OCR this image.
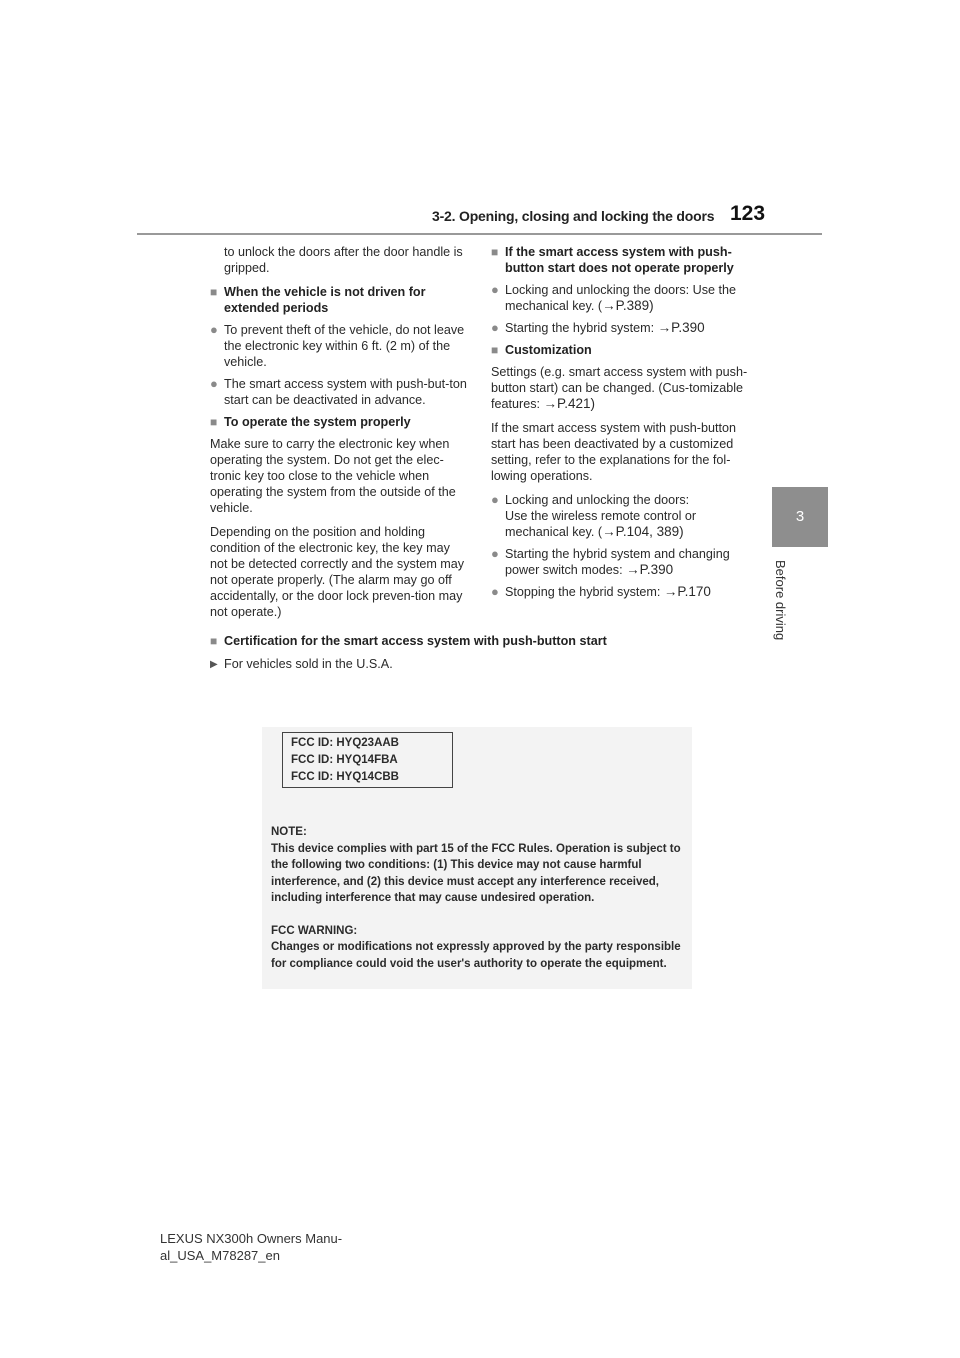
3-2. Opening, closing and locking the doors 123
3
Before driving

to unlock the doors after the door handle is gripped.

■ When the vehicle is not driven for extended periods
● To prevent theft of the vehicle, do not leave the electronic key within 6 ft. (2 m) of the vehicle.
● The smart access system with push-but-ton start can be deactivated in advance.
■ To operate the system properly

Make sure to carry the electronic key when operating the system. Do not get the elec-tronic key too close to the vehicle when operating the system from the outside of the vehicle.

Depending on the position and holding condition of the electronic key, the key may not be detected correctly and the system may not operate properly. (The alarm may go off accidentally, or the door lock preven-tion may not operate.)

■ If the smart access system with push-button start does not operate properly
● Locking and unlocking the doors: Use the mechanical key. (→P.389)
● Starting the hybrid system: →P.390
■ Customization

Settings (e.g. smart access system with push-button start) can be changed. (Cus-tomizable features: →P.421)

If the smart access system with push-button start has been deactivated by a customized setting, refer to the explanations for the fol-lowing operations.

● Locking and unlocking the doors:
Use the wireless remote control or mechanical key. (→P.104, 389)
● Starting the hybrid system and changing power switch modes: →P.390
● Stopping the hybrid system: →P.170
■ Certification for the smart access system with push-button start
▶ For vehicles sold in the U.S.A.
FCC ID: HYQ23AAB
FCC ID: HYQ14FBA
FCC ID: HYQ14CBB
NOTE:
This device complies with part 15 of the FCC Rules. Operation is subject to the following two conditions: (1) This device may not cause harmful interference, and (2) this device must accept any interference received, including interference that may cause undesired operation.
FCC WARNING:
Changes or modifications not expressly approved by the party responsible for compliance could void the user's authority to operate the equipment.
LEXUS NX300h Owners Manu-
al_USA_M78287_en
